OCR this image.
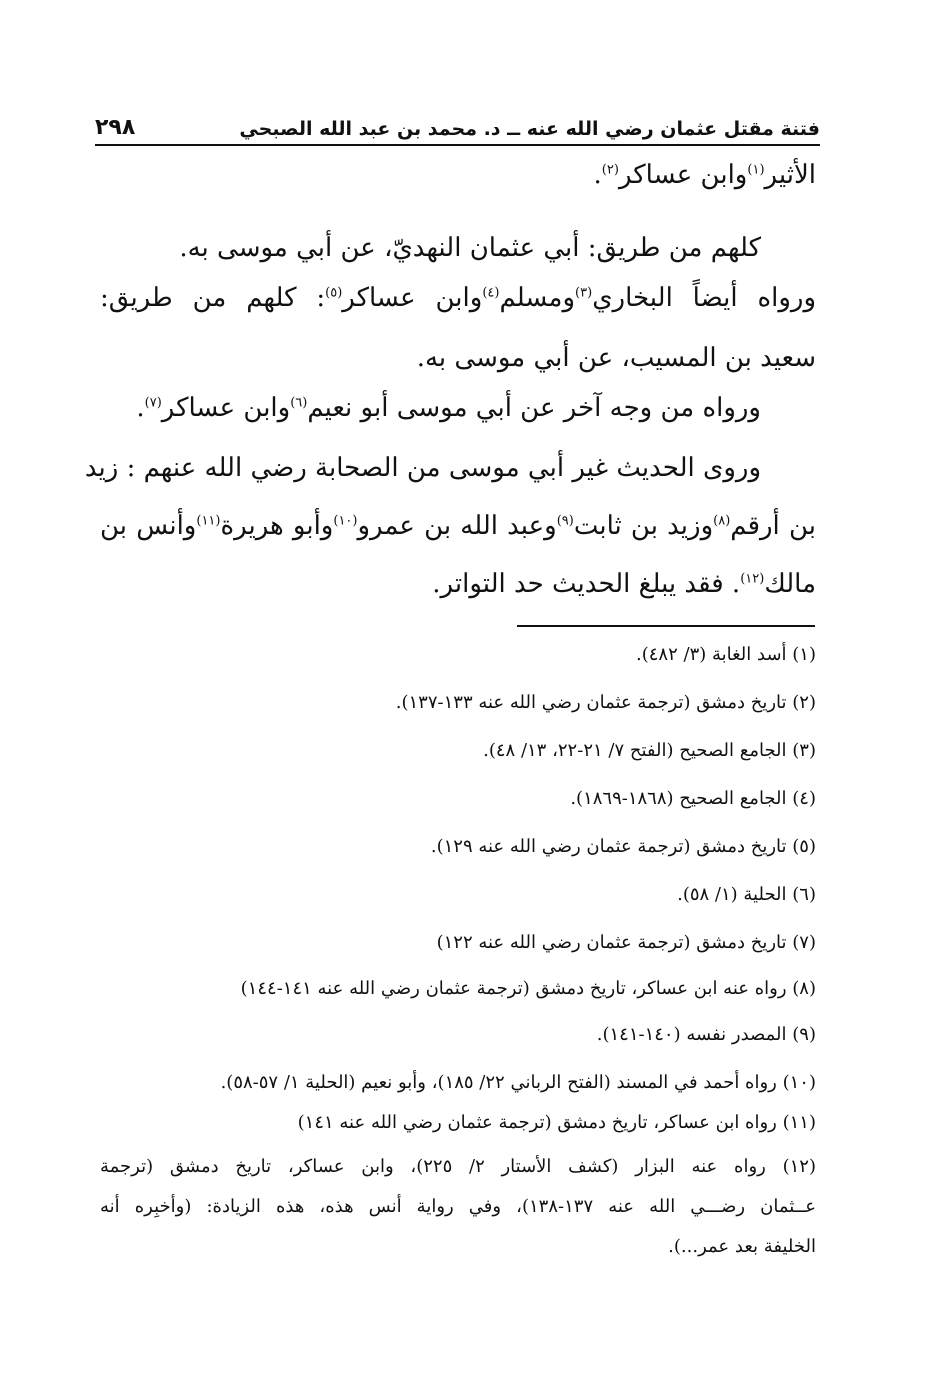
فتنة مقتل عثمان رضي الله عنه ــ د. محمد بن عبد الله الصبحي
٢٩٨
الأثير$^{(١)}$وابن عساكر$^{(٢)}$.
كلهم من طريق: أبي عثمان النهديّ، عن أبي موسى به.
ورواه أيضاً البخاري$^{(٣)}$ومسلم$^{(٤)}$وابن عساكر$^{(٥)}$: كلهم من طريق:
سعيد بن المسيب، عن أبي موسى به.
ورواه من وجه آخر عن أبي موسى أبو نعيم$^{(٦)}$وابن عساكر$^{(٧)}$.
وروى الحديث غير أبي موسى من الصحابة رضي الله عنهم : زيد
بن أرقم$^{(٨)}$وزيد بن ثابت$^{(٩)}$وعبد الله بن عمرو$^{(١٠)}$وأبو هريرة$^{(١١)}$وأنس بن
مالك$^{(١٢)}$. فقد يبلغ الحديث حد التواتر.
(١) أسد الغابة (٣/ ٤٨٢).
(٢) تاريخ دمشق (ترجمة عثمان رضي الله عنه ١٣٣-١٣٧).
(٣) الجامع الصحيح (الفتح ٧/ ٢١-٢٢، ١٣/ ٤٨).
(٤) الجامع الصحيح (١٨٦٨-١٨٦٩).
(٥) تاريخ دمشق (ترجمة عثمان رضي الله عنه ١٢٩).
(٦) الحلية (١/ ٥٨).
(٧) تاريخ دمشق (ترجمة عثمان رضي الله عنه ١٢٢)
(٨) رواه عنه ابن عساكر، تاريخ دمشق (ترجمة عثمان رضي الله عنه ١٤١-١٤٤)
(٩) المصدر نفسه (١٤٠-١٤١).
(١٠) رواه أحمد في المسند (الفتح الرباني ٢٢/ ١٨٥)، وأبو نعيم (الحلية ١/ ٥٧-٥٨).
(١١) رواه ابن عساكر، تاريخ دمشق (ترجمة عثمان رضي الله عنه ١٤١)
(١٢) رواه عنه البزار (كشف الأستار ٢/ ٢٢٥)، وابن عساكر، تاريخ دمشق (ترجمة
عــثمان رضـــي الله عنه ١٣٧-١٣٨)، وفي رواية أنس هذه، هذه الزيادة: (وأخبِره أنه
الخليفة بعد عمر...).
